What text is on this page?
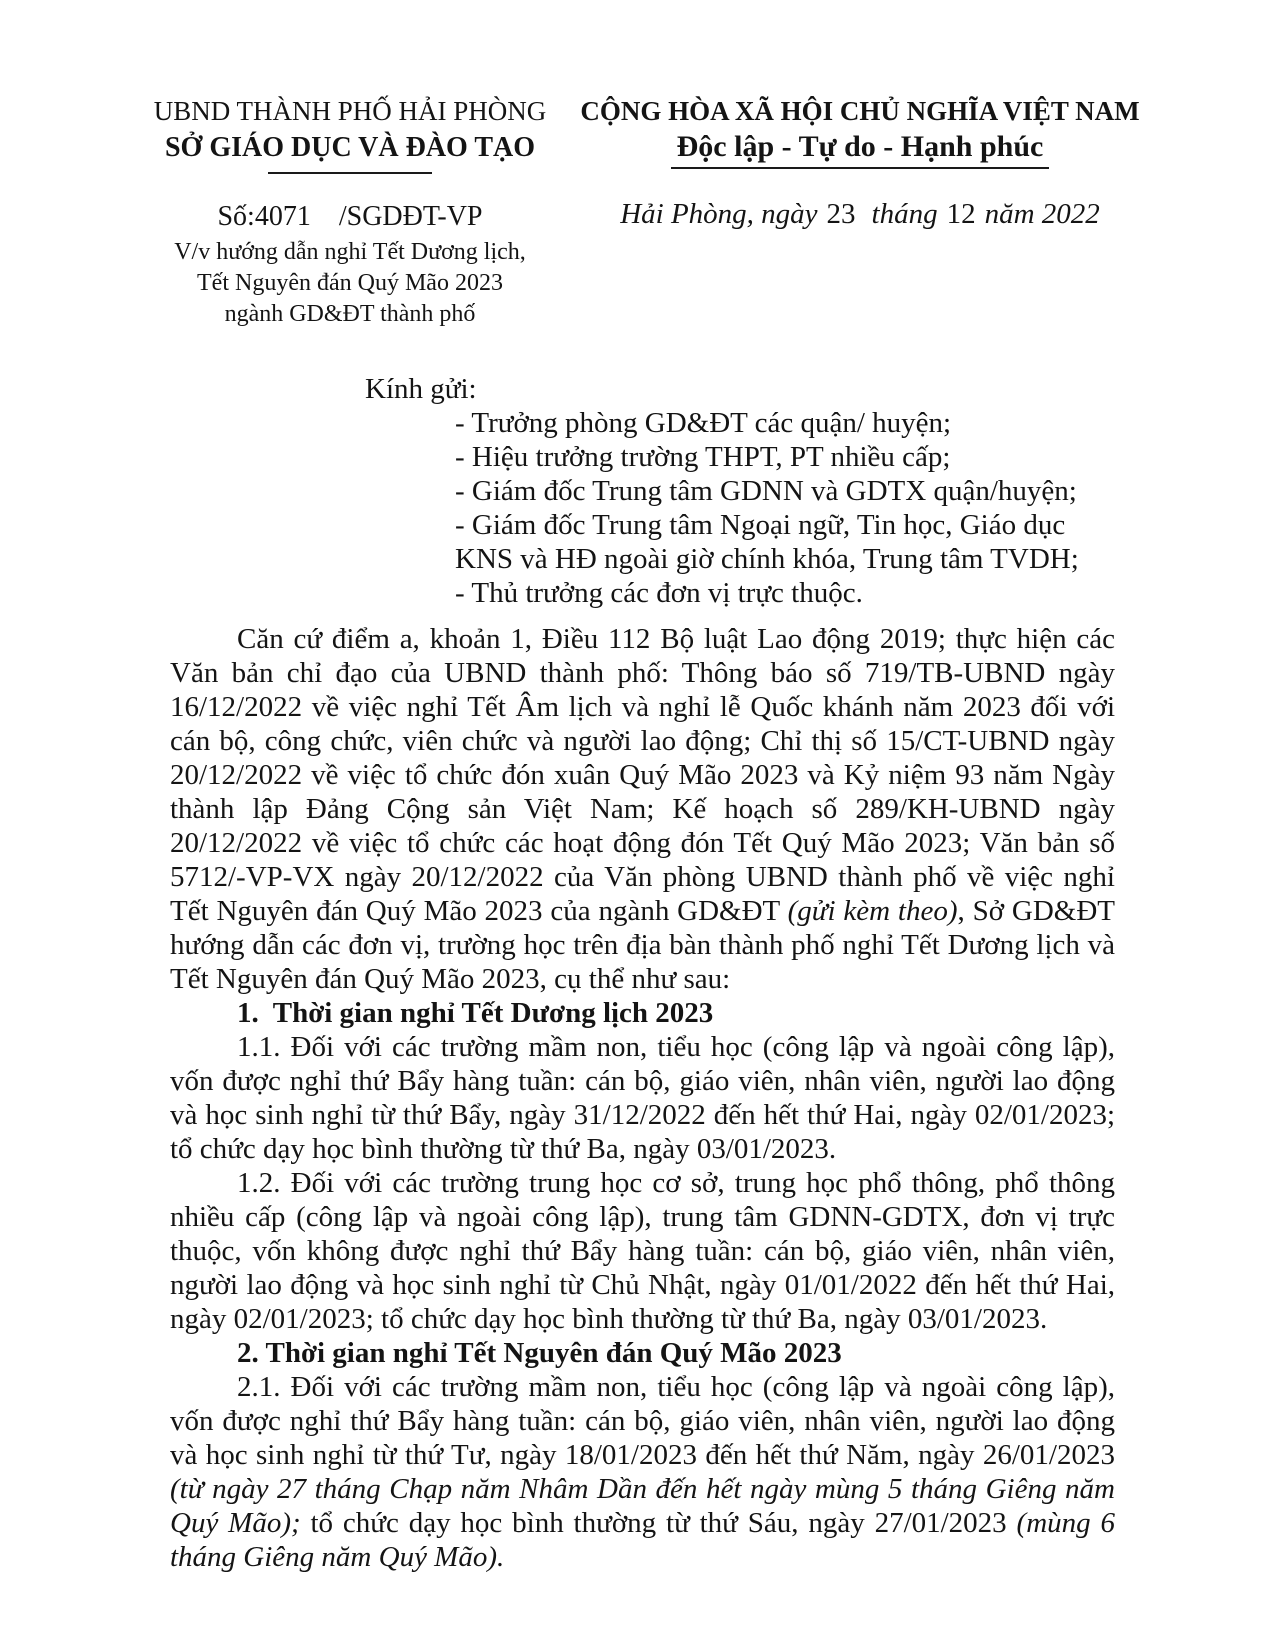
UBND THÀNH PHỐ HẢI PHÒNG
SỞ GIÁO DỤC VÀ ĐÀO TẠO
Số:4071    /SGDĐT-VP
V/v hướng dẫn nghỉ Tết Dương lịch,
Tết Nguyên đán Quý Mão 2023
ngành GD&ĐT thành phố
CỘNG HÒA XÃ HỘI CHỦ NGHĨA VIỆT NAM
Độc lập - Tự do - Hạnh phúc
Hải Phòng, ngày 23 tháng 12 năm 2022
Kính gửi:
- Trưởng phòng GD&ĐT các quận/ huyện;
- Hiệu trưởng trường THPT, PT nhiều cấp;
- Giám đốc Trung tâm GDNN và GDTX quận/huyện;
- Giám đốc Trung tâm Ngoại ngữ, Tin học, Giáo dục
KNS và HĐ ngoài giờ chính khóa, Trung tâm TVDH;
- Thủ trưởng các đơn vị trực thuộc.

Căn cứ điểm a, khoản 1, Điều 112 Bộ luật Lao động 2019; thực hiện các Văn bản chỉ đạo của UBND thành phố: Thông báo số 719/TB-UBND ngày 16/12/2022 về việc nghỉ Tết Âm lịch và nghỉ lễ Quốc khánh năm 2023 đối với cán bộ, công chức, viên chức và người lao động; Chỉ thị số 15/CT-UBND ngày 20/12/2022 về việc tổ chức đón xuân Quý Mão 2023 và Kỷ niệm 93 năm Ngày thành lập Đảng Cộng sản Việt Nam; Kế hoạch số 289/KH-UBND ngày 20/12/2022 về việc tổ chức các hoạt động đón Tết Quý Mão 2023; Văn bản số 5712/-VP-VX ngày 20/12/2022 của Văn phòng UBND thành phố về việc nghỉ Tết Nguyên đán Quý Mão 2023 của ngành GD&ĐT (gửi kèm theo), Sở GD&ĐT hướng dẫn các đơn vị, trường học trên địa bàn thành phố nghỉ Tết Dương lịch và Tết Nguyên đán Quý Mão 2023, cụ thể như sau:

1.  Thời gian nghỉ Tết Dương lịch 2023

1.1. Đối với các trường mầm non, tiểu học (công lập và ngoài công lập), vốn được nghỉ thứ Bẩy hàng tuần: cán bộ, giáo viên, nhân viên, người lao động và học sinh nghỉ từ thứ Bẩy, ngày 31/12/2022 đến hết thứ Hai, ngày 02/01/2023; tổ chức dạy học bình thường từ thứ Ba, ngày 03/01/2023.

1.2. Đối với các trường trung học cơ sở, trung học phổ thông, phổ thông nhiều cấp (công lập và ngoài công lập), trung tâm GDNN-GDTX, đơn vị trực thuộc, vốn không được nghỉ thứ Bẩy hàng tuần: cán bộ, giáo viên, nhân viên, người lao động và học sinh nghỉ từ Chủ Nhật, ngày 01/01/2022 đến hết thứ Hai, ngày 02/01/2023; tổ chức dạy học bình thường từ thứ Ba, ngày 03/01/2023.

2. Thời gian nghỉ Tết Nguyên đán Quý Mão 2023

2.1. Đối với các trường mầm non, tiểu học (công lập và ngoài công lập), vốn được nghỉ thứ Bẩy hàng tuần: cán bộ, giáo viên, nhân viên, người lao động và học sinh nghỉ từ thứ Tư, ngày 18/01/2023 đến hết thứ Năm, ngày 26/01/2023 (từ ngày 27 tháng Chạp năm Nhâm Dần đến hết ngày mùng 5 tháng Giêng năm Quý Mão); tổ chức dạy học bình thường từ thứ Sáu, ngày 27/01/2023 (mùng 6 tháng Giêng năm Quý Mão).
